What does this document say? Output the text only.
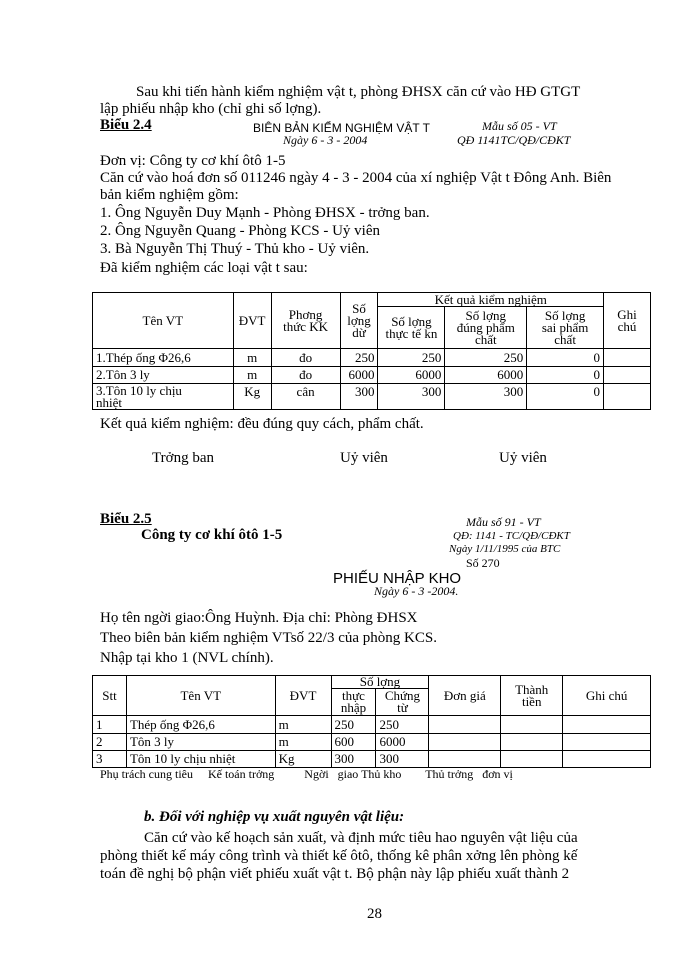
Sau khi tiến hành kiểm nghiệm vật t, phòng ĐHSX căn cứ vào HĐ GTGT
lập phiếu nhập kho (chỉ ghi số lợng).
Biểu 2.4	BIÊN BẢN KIỂM NGHIỆM VẬT T
Ngày 6 - 3 - 2004
Mẫu số 05 - VT
QĐ 1141TC/QĐ/CĐKT
Đơn vị: Công ty cơ khí ôtô 1-5
Căn cứ vào hoá đơn số 011246 ngày 4 - 3 - 2004 của xí nghiệp Vật t Đông Anh. Biên
bản kiểm nghiệm gồm:
1. Ông Nguyễn Duy Mạnh - Phòng ĐHSX - trởng ban.
2. Ông Nguyễn Quang - Phòng KCS - Uỷ viên
3. Bà Nguyễn Thị Thuý - Thủ kho - Uỷ viên.
Đã kiểm nghiệm các loại vật t sau:
Tên VT	ĐVT	Phơng
thức KK	Số
lợng
dừ	Kết quả kiểm nghiệm			Ghi
chú
				Số lợng
thực tế kn	Số lợng
đúng phẩm
chất	Số lợng
sai phẩm
chất	
1.Thép ống Φ26,6	m	đo	250	250	250	0	
2.Tôn 3 ly	m	đo	6000	6000	6000	0	
3.Tôn 10 ly chịu
nhiệt	Kg	cân	300	300	300	0	
Kết quả kiểm nghiệm: đều đúng quy cách, phẩm chất.
Trởng ban	Uỷ viên	Uỷ viên
Biểu 2.5
Công ty cơ khí ôtô 1-5
Mẫu số 91 - VT
QĐ: 1141 - TC/QĐ/CĐKT
Ngày 1/11/1995 của BTC
Số 270
PHIẾU NHẬP KHO
Ngày 6 - 3 -2004.
Họ tên ngời giao:Ông Huỳnh. Địa chỉ: Phòng ĐHSX
Theo biên bản kiểm nghiệm VTsố 22/3 của phòng KCS.
Nhập tại kho 1 (NVL chính).
Stt	Tên VT	ĐVT	Số lợng		Đơn giá	Thành
tiền	Ghi chú
			thực
nhập	Chứng
từ			
1	Thép ống Φ26,6	m	250	250			
2	Tôn 3 ly	m	600	6000			
3	Tôn 10 ly chịu nhiệt	Kg	300	300			
Phụ trách cung tiêu     Kế toán trởng          Ngời   giao Thủ kho        Thủ trởng   đơn vị
b. Đối với nghiệp vụ xuất nguyên vật liệu:
Căn cứ vào kế hoạch sản xuất, và định mức tiêu hao nguyên vật liệu của
phòng thiết kế máy công trình và thiết kế ôtô, thống kê phân xởng lên phòng kế
toán đề nghị bộ phận viết phiếu xuất vật t. Bộ phận này lập phiếu xuất thành 2
28
